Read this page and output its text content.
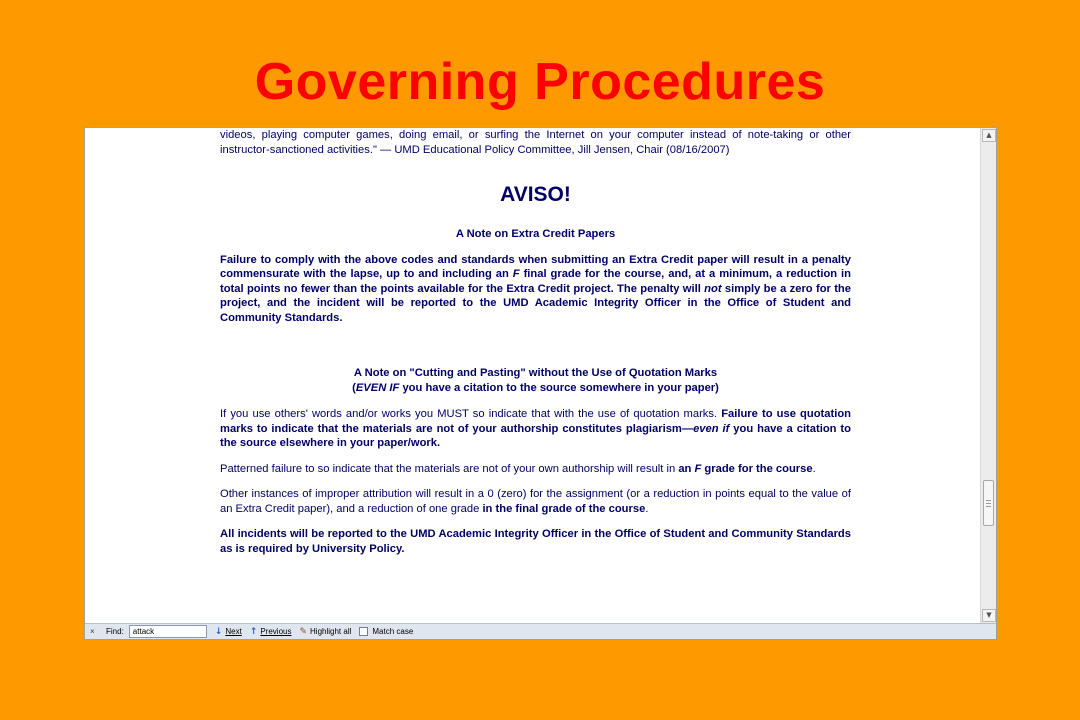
Governing Procedures
videos, playing computer games, doing email, or surfing the Internet on your computer instead of note-taking or other instructor-sanctioned activities." — UMD Educational Policy Committee, Jill Jensen, Chair (08/16/2007)
AVISO!
A Note on Extra Credit Papers
Failure to comply with the above codes and standards when submitting an Extra Credit paper will result in a penalty commensurate with the lapse, up to and including an F final grade for the course, and, at a minimum, a reduction in total points no fewer than the points available for the Extra Credit project. The penalty will not simply be a zero for the project, and the incident will be reported to the UMD Academic Integrity Officer in the Office of Student and Community Standards.
A Note on "Cutting and Pasting" without the Use of Quotation Marks
(EVEN IF you have a citation to the source somewhere in your paper)
If you use others' words and/or works you MUST so indicate that with the use of quotation marks. Failure to use quotation marks to indicate that the materials are not of your authorship constitutes plagiarism—even if you have a citation to the source elsewhere in your paper/work.
Patterned failure to so indicate that the materials are not of your own authorship will result in an F grade for the course.
Other instances of improper attribution will result in a 0 (zero) for the assignment (or a reduction in points equal to the value of an Extra Credit paper), and a reduction of one grade in the final grade of the course.
All incidents will be reported to the UMD Academic Integrity Officer in the Office of Student and Community Standards as is required by University Policy.
▲
▼
×	Find:
attack	↓ Next ↑ Previous ✎ Highlight all	Match case
